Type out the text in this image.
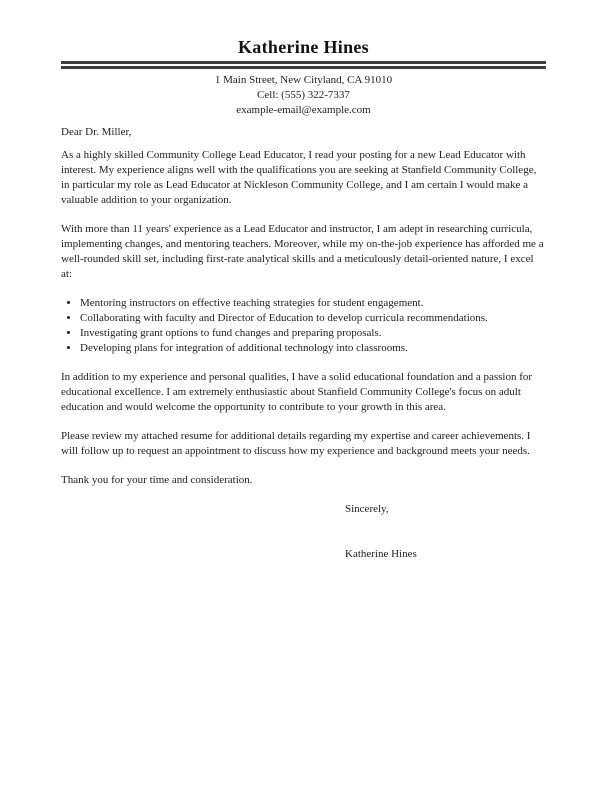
Katherine Hines
1 Main Street, New Cityland, CA 91010
Cell: (555) 322-7337
example-email@example.com

Dear Dr. Miller,

As a highly skilled Community College Lead Educator, I read your posting for a new Lead Educator with interest. My experience aligns well with the qualifications you are seeking at Stanfield Community College, in particular my role as Lead Educator at Nickleson Community College, and I am certain I would make a valuable addition to your organization.

With more than 11 years' experience as a Lead Educator and instructor, I am adept in researching curricula, implementing changes, and mentoring teachers. Moreover, while my on-the-job experience has afforded me a well-rounded skill set, including first-rate analytical skills and a meticulously detail-oriented nature, I excel at:

• Mentoring instructors on effective teaching strategies for student engagement.
• Collaborating with faculty and Director of Education to develop curricula recommendations.
• Investigating grant options to fund changes and preparing proposals.
• Developing plans for integration of additional technology into classrooms.

In addition to my experience and personal qualities, I have a solid educational foundation and a passion for educational excellence. I am extremely enthusiastic about Stanfield Community College's focus on adult education and would welcome the opportunity to contribute to your growth in this area.

Please review my attached resume for additional details regarding my expertise and career achievements. I will follow up to request an appointment to discuss how my experience and background meets your needs.

Thank you for your time and consideration.

Sincerely,
Katherine Hines
